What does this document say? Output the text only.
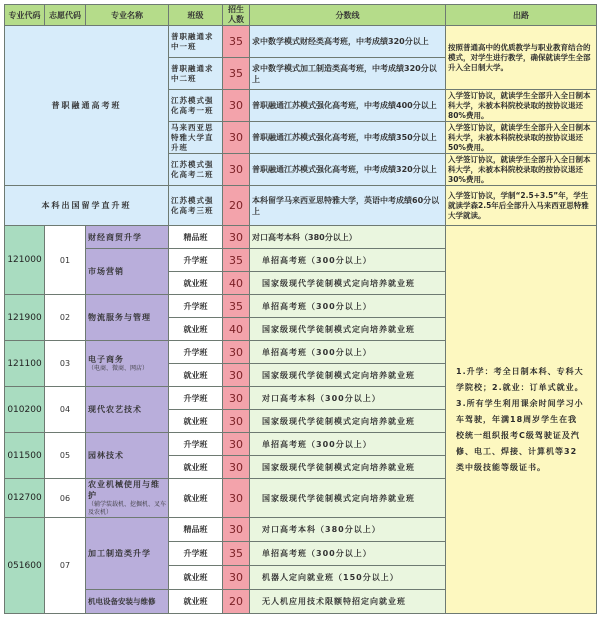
专业代码	志愿代码	专业名称	班级	招生人数	分数线	出路
普职融通高考班			普职融通求中一班	35	求中数学模式财经类高考班，中考成绩320分以上	按照普通高中的优质教学与职业教育结合的模式，对学生进行教学，确保就读学生全部升入全日制大学。
			普职融通求中二班	35	求中数学模式加工制造类高考班，中考成绩320分以上	
			江苏模式强化高考一班	30	普职融通江苏模式强化高考班，中考成绩400分以上	入学签订协议，就读学生全部升入全日制本科大学，未被本科院校录取的按协议退还80%费用。
			马来西亚思特雅大学直升班	30	普职融通江苏模式强化高考班，中考成绩350分以上	入学签订协议，就读学生全部升入全日制本科大学，未被本科院校录取的按协议退还50%费用。
			江苏模式强化高考二班	30	普职融通江苏模式强化高考班，中考成绩320分以上	入学签订协议，就读学生全部升入全日制本科大学，未被本科院校录取的按协议退还30%费用。
本科出国留学直升班			江苏模式强化高考三班	20	本科留学马来西亚思特雅大学，英语中考成绩60分以上	入学签订协议，学制“2.5+3.5”年，学生就读学森2.5年后全部升入马来西亚思特雅大学就读。
121000	01	财经商贸升学	精品班	30	对口高考本科（380分以上）	1.升学：考全日制本科、专科大学院校；2.就业：订单式就业。3.所有学生利用课余时间学习小车驾驶，年满18周岁学生在我校统一组织报考C级驾驶证及汽修、电工、焊接、计算机等32类中级技能等级证书。
		市场营销	升学班	35	单招高考班（300分以上）	
			就业班	40	国家级现代学徒制模式定向培养就业班	
121900	02	物流服务与管理	升学班	35	单招高考班（300分以上）	
			就业班	40	国家级现代学徒制模式定向培养就业班	
121100	03	电子商务
（电商、微商、网店）	升学班	30	单招高考班（300分以上）	
			就业班	30	国家级现代学徒制模式定向培养就业班	
010200	04	现代农艺技术	升学班	30	对口高考本科（300分以上）	
			就业班	30	国家级现代学徒制模式定向培养就业班	
011500	05	园林技术	升学班	30	单招高考班（300分以上）	
			就业班	30	国家级现代学徒制模式定向培养就业班	
012700	06	农业机械使用与维护
（辅学装载机、挖掘机、叉车及农机）	就业班	30	国家级现代学徒制模式定向培养就业班	
051600	07	加工制造类升学	精品班	30	对口高考本科（380分以上）	
			升学班	35	单招高考班（300分以上）	
			就业班	30	机器人定向就业班（150分以上）	
		机电设备安装与维修	就业班	20	无人机应用技术限额特招定向就业班	
